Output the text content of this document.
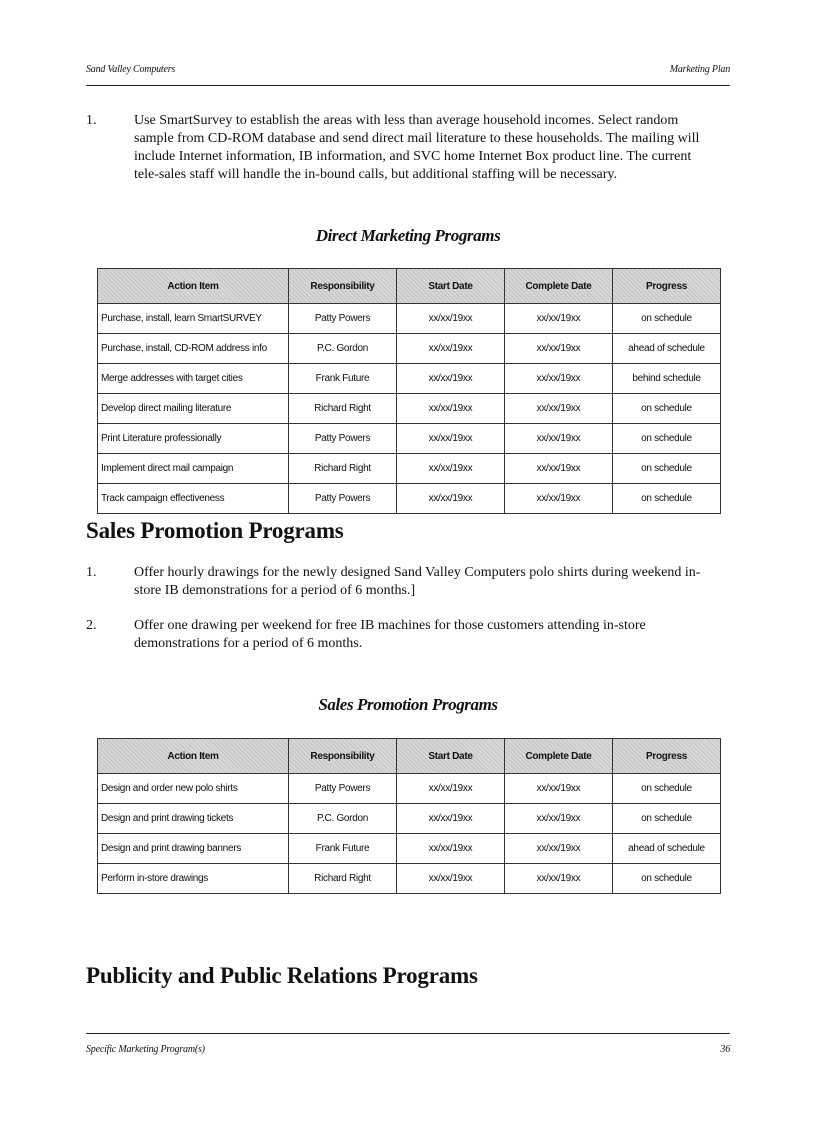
Sand Valley Computers	Marketing Plan
1.	Use SmartSurvey to establish the areas with less than average household incomes. Select random sample from CD-ROM database and send direct mail literature to these households. The mailing will include Internet information, IB information, and SVC home Internet Box product line. The current tele-sales staff will handle the in-bound calls, but additional staffing will be necessary.
Direct Marketing Programs
Action Item	Responsibility	Start Date	Complete Date	Progress
Purchase, install, learn SmartSURVEY	Patty Powers	xx/xx/19xx	xx/xx/19xx	on schedule
Purchase, install, CD-ROM address info	P.C. Gordon	xx/xx/19xx	xx/xx/19xx	ahead of schedule
Merge addresses with target cities	Frank Future	xx/xx/19xx	xx/xx/19xx	behind schedule
Develop direct mailing literature	Richard Right	xx/xx/19xx	xx/xx/19xx	on schedule
Print Literature professionally	Patty Powers	xx/xx/19xx	xx/xx/19xx	on schedule
Implement direct mail campaign	Richard Right	xx/xx/19xx	xx/xx/19xx	on schedule
Track campaign effectiveness	Patty Powers	xx/xx/19xx	xx/xx/19xx	on schedule
Sales Promotion Programs
1.	Offer hourly drawings for the newly designed Sand Valley Computers polo shirts during weekend in-store IB demonstrations for a period of 6 months.]
2.	Offer one drawing per weekend for free IB machines for those customers attending in-store demonstrations for a period of 6 months.
Sales Promotion Programs
Action Item	Responsibility	Start Date	Complete Date	Progress
Design and order new polo shirts	Patty Powers	xx/xx/19xx	xx/xx/19xx	on schedule
Design and print drawing tickets	P.C. Gordon	xx/xx/19xx	xx/xx/19xx	on schedule
Design and print drawing banners	Frank Future	xx/xx/19xx	xx/xx/19xx	ahead of schedule
Perform in-store drawings	Richard Right	xx/xx/19xx	xx/xx/19xx	on schedule
Publicity and Public Relations Programs
Specific Marketing Program(s)	36
